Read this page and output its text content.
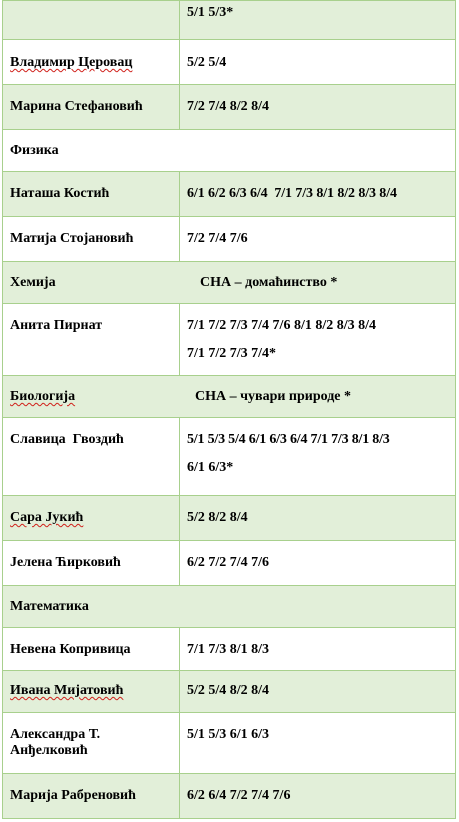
	5/1 5/3*

Владимир Церовац	5/2 5/4

Марина Стефановић	7/2 7/4 8/2 8/4

Физика	

Наташа Костић	6/1 6/2 6/3 6/4  7/1 7/3 8/1 8/2 8/3 8/4

Матија Стојановић	7/2 7/4 7/6

Хемија СНА – домаћинство *	

Анита Пирнат	7/1 7/2 7/3 7/4 7/6 8/1 8/2 8/3 8/4
7/1 7/2 7/3 7/4*

Биологија СНА – чувари природе *	

Славица  Гвоздић	5/1 5/3 5/4 6/1 6/3 6/4 7/1 7/3 8/1 8/3
6/1 6/3*

Сара Јукић	5/2 8/2 8/4

Јелена Ћирковић	6/2 7/2 7/4 7/6

Математика	

Невена Копривица	7/1 7/3 8/1 8/3

Ивана Мијатовић	5/2 5/4 8/2 8/4

Александра Т. Анђелковић	5/1 5/3 6/1 6/3

Марија Рабреновић	6/2 6/4 7/2 7/4 7/6
